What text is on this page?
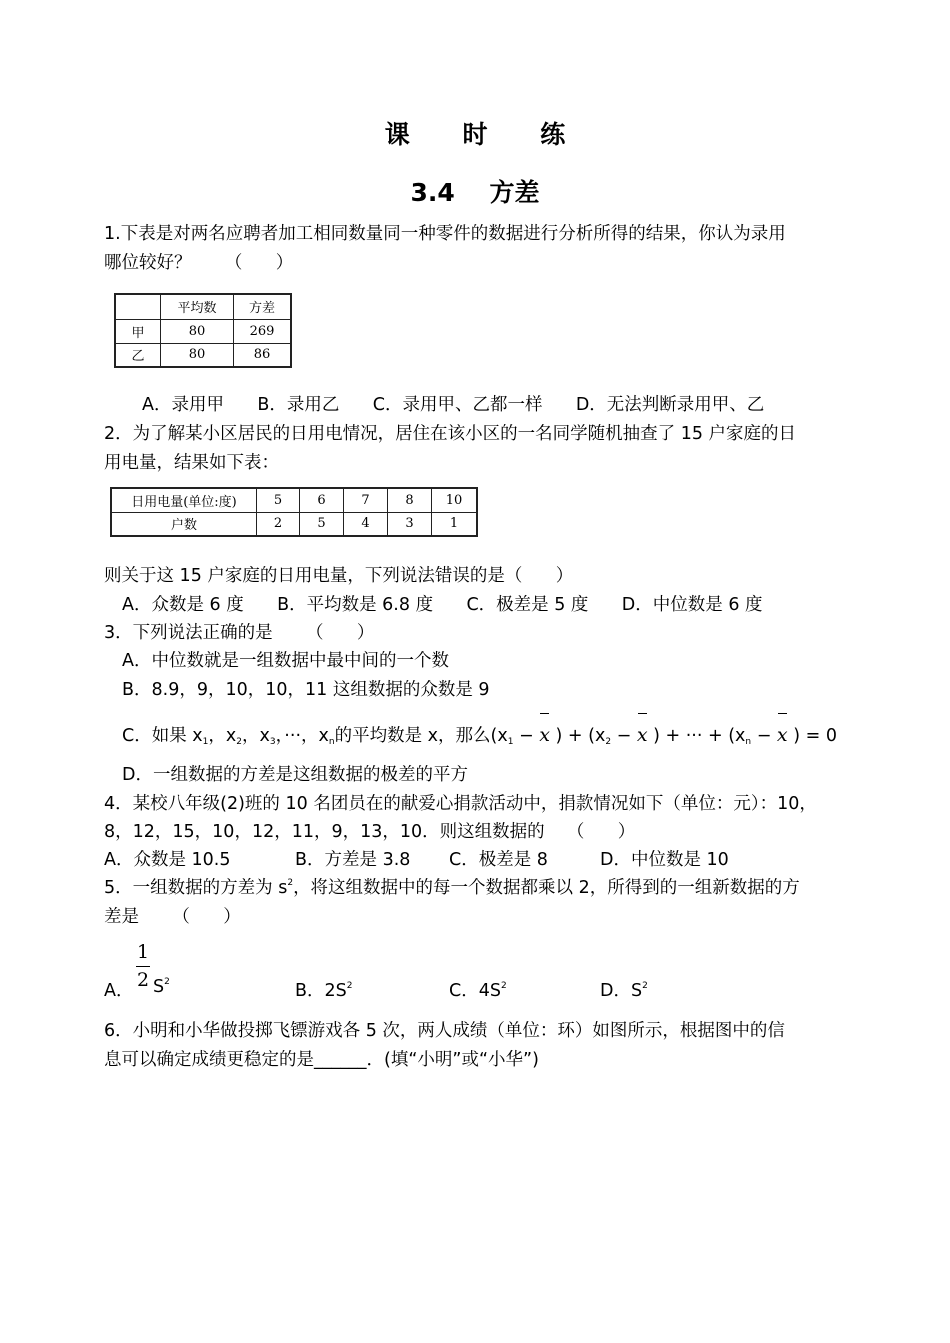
课 时 练
3.4    方差
1.下表是对两名应聘者加工相同数量同一种零件的数据进行分析所得的结果，你认为录用
哪位较好？      （      ）
	平均数	方差
甲	80	269
乙	80	86
A．录用甲      B．录用乙      C．录用甲、乙都一样      D．无法判断录用甲、乙
2．为了解某小区居民的日用电情况，居住在该小区的一名同学随机抽查了 15 户家庭的日
用电量，结果如下表：
日用电量(单位:度)	5	6	7	8	10
户数	2	5	4	3	1
则关于这 15 户家庭的日用电量，下列说法错误的是（      ）
A．众数是 6 度      B．平均数是 6.8 度      C．极差是 5 度      D．中位数是 6 度
3．下列说法正确的是      （      ）
A．中位数就是一组数据中最中间的一个数
B．8.9，9，10，10，11 这组数据的众数是 9
C．如果 $x_1$，$x_2$，$x_3$，···，$x_n$的平均数是 x，那么($x_1 - x$ ) + ($x_2 - x$ ) + ··· + ($x_n - x$ ) = 0
D．一组数据的方差是这组数据的极差的平方
4．某校八年级(2)班的 10 名团员在的献爱心捐款活动中，捐款情况如下（单位：元）：10，
8，12，15，10，12，11，9，13，10．则这组数据的    （      ）
A．众数是 10.5	B．方差是 3.8 C．极差是 8	D．中位数是 10
5．一组数据的方差为 $s^2$，将这组数据中的每一个数据都乘以 2，所得到的一组新数据的方
差是      （      ）
A．
1
2 $S^2$	B．$2S^2$	C．$4S^2$	D．$S^2$
6．小明和小华做投掷飞镖游戏各 5 次，两人成绩（单位：环）如图所示，根据图中的信
息可以确定成绩更稳定的是______．(填“小明”或“小华”)
